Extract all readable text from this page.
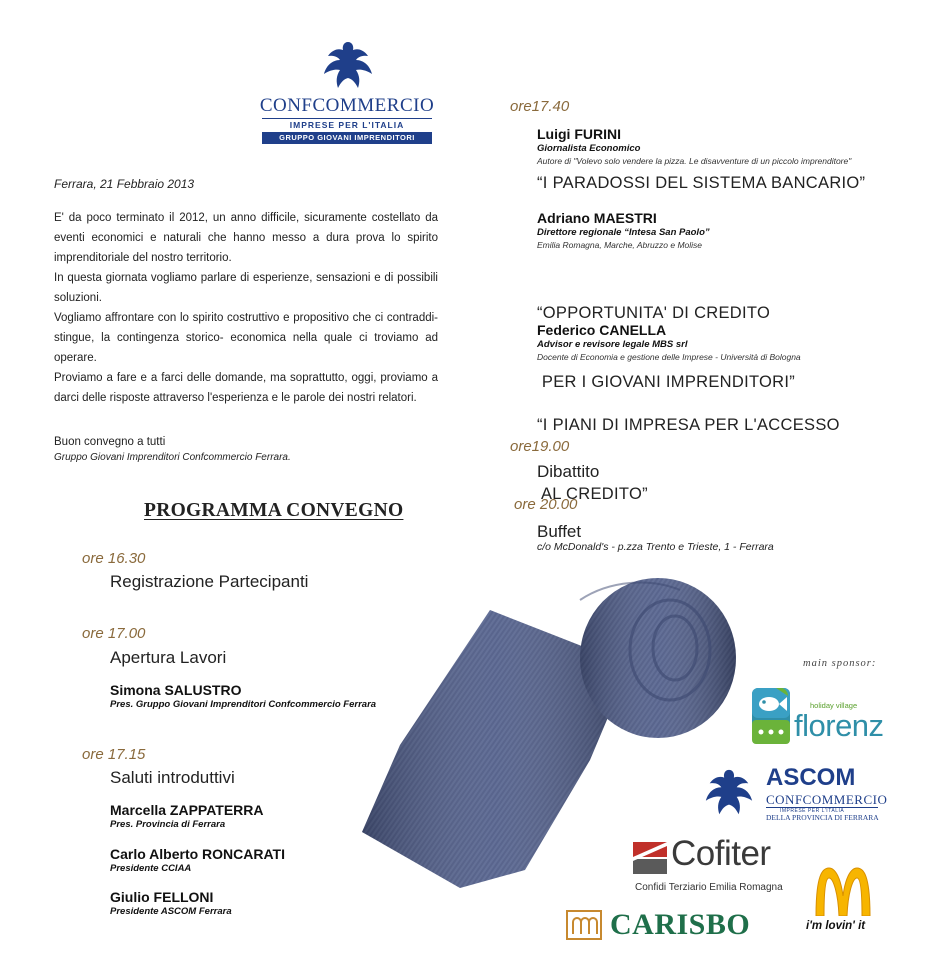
CONFCOMMERCIO
IMPRESE PER L'ITALIA
GRUPPO GIOVANI IMPRENDITORI FERRARA
Ferrara, 21 Febbraio 2013
E' da poco terminato il 2012, un anno difficile, sicuramente costellato da
eventi economici e naturali che hanno messo a dura prova lo spirito
imprenditoriale del nostro territorio.
In questa giornata vogliamo parlare di esperienze, sensazioni e di possibili
soluzioni.
Vogliamo affrontare con lo spirito costruttivo e propositivo che ci contraddi-
stingue, la contingenza storico- economica nella quale ci troviamo ad
operare.
Proviamo a fare e a farci delle domande, ma soprattutto, oggi, proviamo a
darci delle risposte attraverso l'esperienza e le parole dei nostri relatori.
Buon convegno a tutti
Gruppo Giovani Imprenditori Confcommercio Ferrara.
PROGRAMMA CONVEGNO
ore 16.30
Registrazione Partecipanti
ore 17.00
Apertura Lavori
Simona SALUSTRO
Pres. Gruppo Giovani Imprenditori Confcommercio Ferrara
ore 17.15
Saluti introduttivi
Marcella ZAPPATERRA
Pres. Provincia di Ferrara
Carlo Alberto RONCARATI
Presidente CCIAA
Giulio FELLONI
Presidente ASCOM Ferrara
ore17.40
Luigi FURINI
Giornalista Economico
Autore di "Volevo solo vendere la pizza. Le disavventure di un piccolo imprenditore"
“I PARADOSSI DEL SISTEMA BANCARIO”
Adriano MAESTRI
Direttore regionale “Intesa San Paolo”
Emilia Romagna, Marche, Abruzzo e Molise

“OPPORTUNITA' DI CREDITO

PER I GIOVANI IMPRENDITORI”

Federico CANELLA
Advisor e revisore legale MBS srl
Docente di Economia e gestione delle Imprese - Università di Bologna

“I PIANI DI IMPRESA PER L'ACCESSO

AL CREDITO”

ore19.00
Dibattito
ore 20.00
Buffet
c/o McDonald's - p.zza Trento e Trieste, 1 - Ferrara
main sponsor:
holiday village
florenz
ASCOM
CONFCOMMERCIO
IMPRESE PER L'ITALIA
DELLA PROVINCIA DI FERRARA
Cofiter
Confidi Terziario Emilia Romagna
CARISBO	i'm lovin' it
